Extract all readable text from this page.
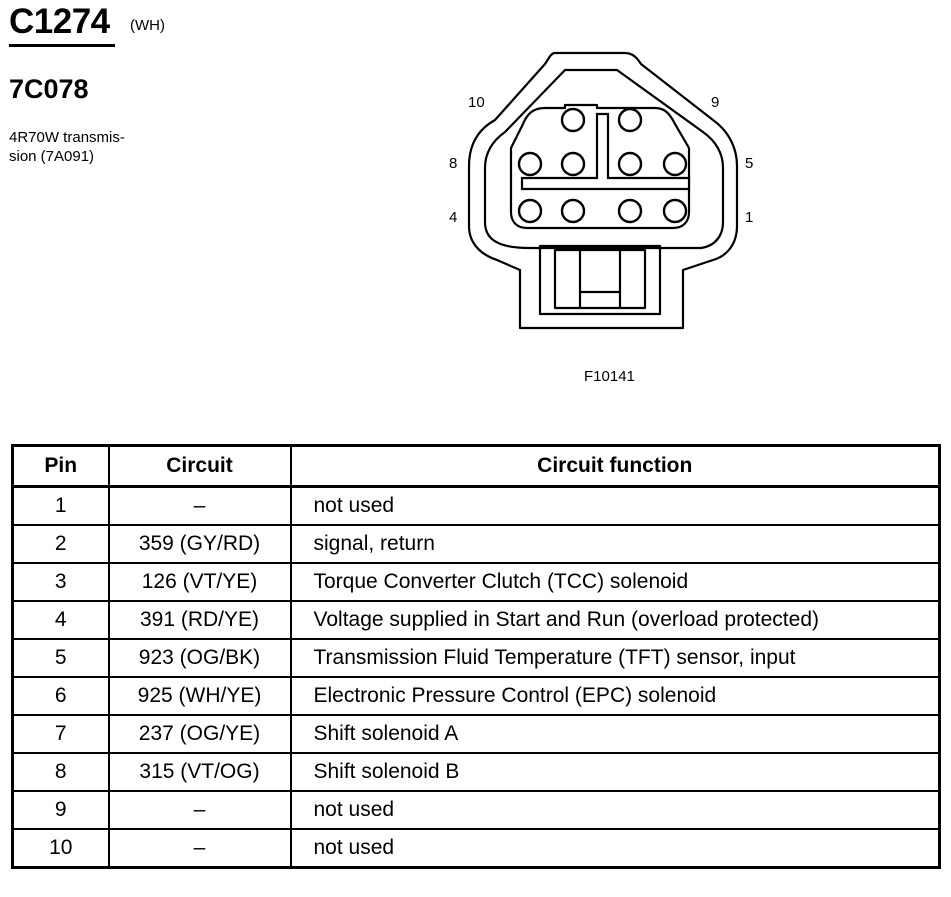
C1274 (WH)
7C078
4R70W transmis-
sion (7A091)
10	9
8	5
4	1
F10141
Pin	Circuit	Circuit function
1	–	not used
2	359 (GY/RD)	signal, return
3	126 (VT/YE)	Torque Converter Clutch (TCC) solenoid
4	391 (RD/YE)	Voltage supplied in Start and Run (overload protected)
5	923 (OG/BK)	Transmission Fluid Temperature (TFT) sensor, input
6	925 (WH/YE)	Electronic Pressure Control (EPC) solenoid
7	237 (OG/YE)	Shift solenoid A
8	315 (VT/OG)	Shift solenoid B
9	–	not used
10	–	not used
